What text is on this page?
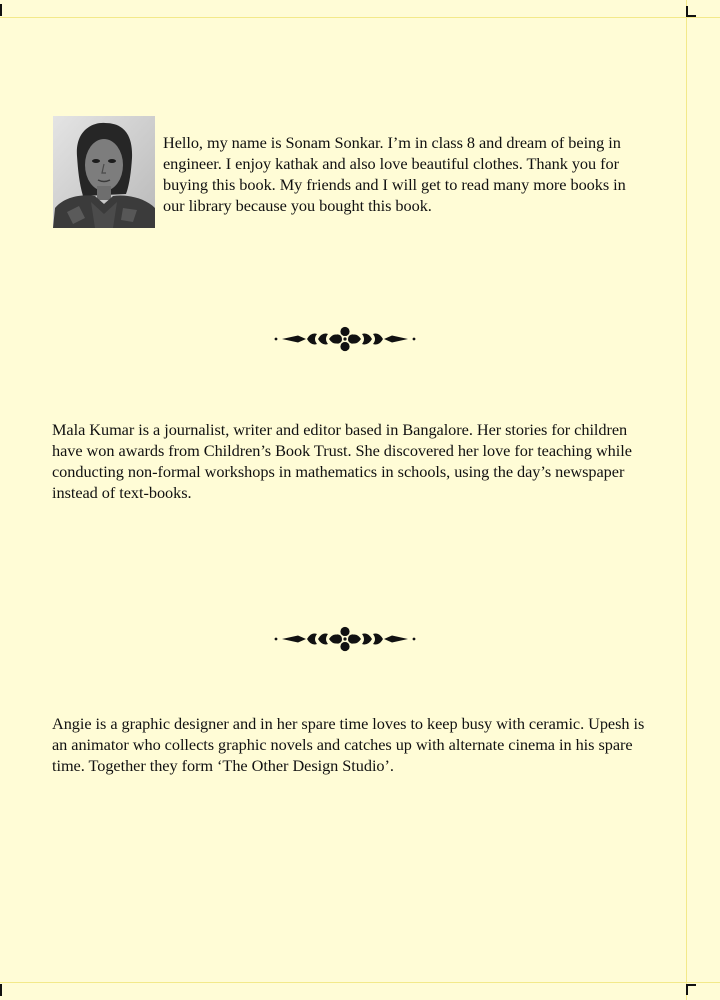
Hello, my name is Sonam Sonkar. I’m in class 8 and dream of being in engineer. I enjoy kathak and also love beautiful clothes. Thank you for buying this book. My friends and I will get to read many more books in our library because you bought this book.

Mala Kumar is a journalist, writer and editor based in Bangalore. Her stories for children have won awards from Children’s Book Trust. She discovered her love for teaching while conducting non-formal workshops in mathematics in schools, using the day’s newspaper instead of text-books.

Angie is a graphic designer and in her spare time loves to keep busy with ceramic. Upesh is an animator who collects graphic novels and catches up with alternate cinema in his spare time. Together they form ‘The Other Design Studio’.
